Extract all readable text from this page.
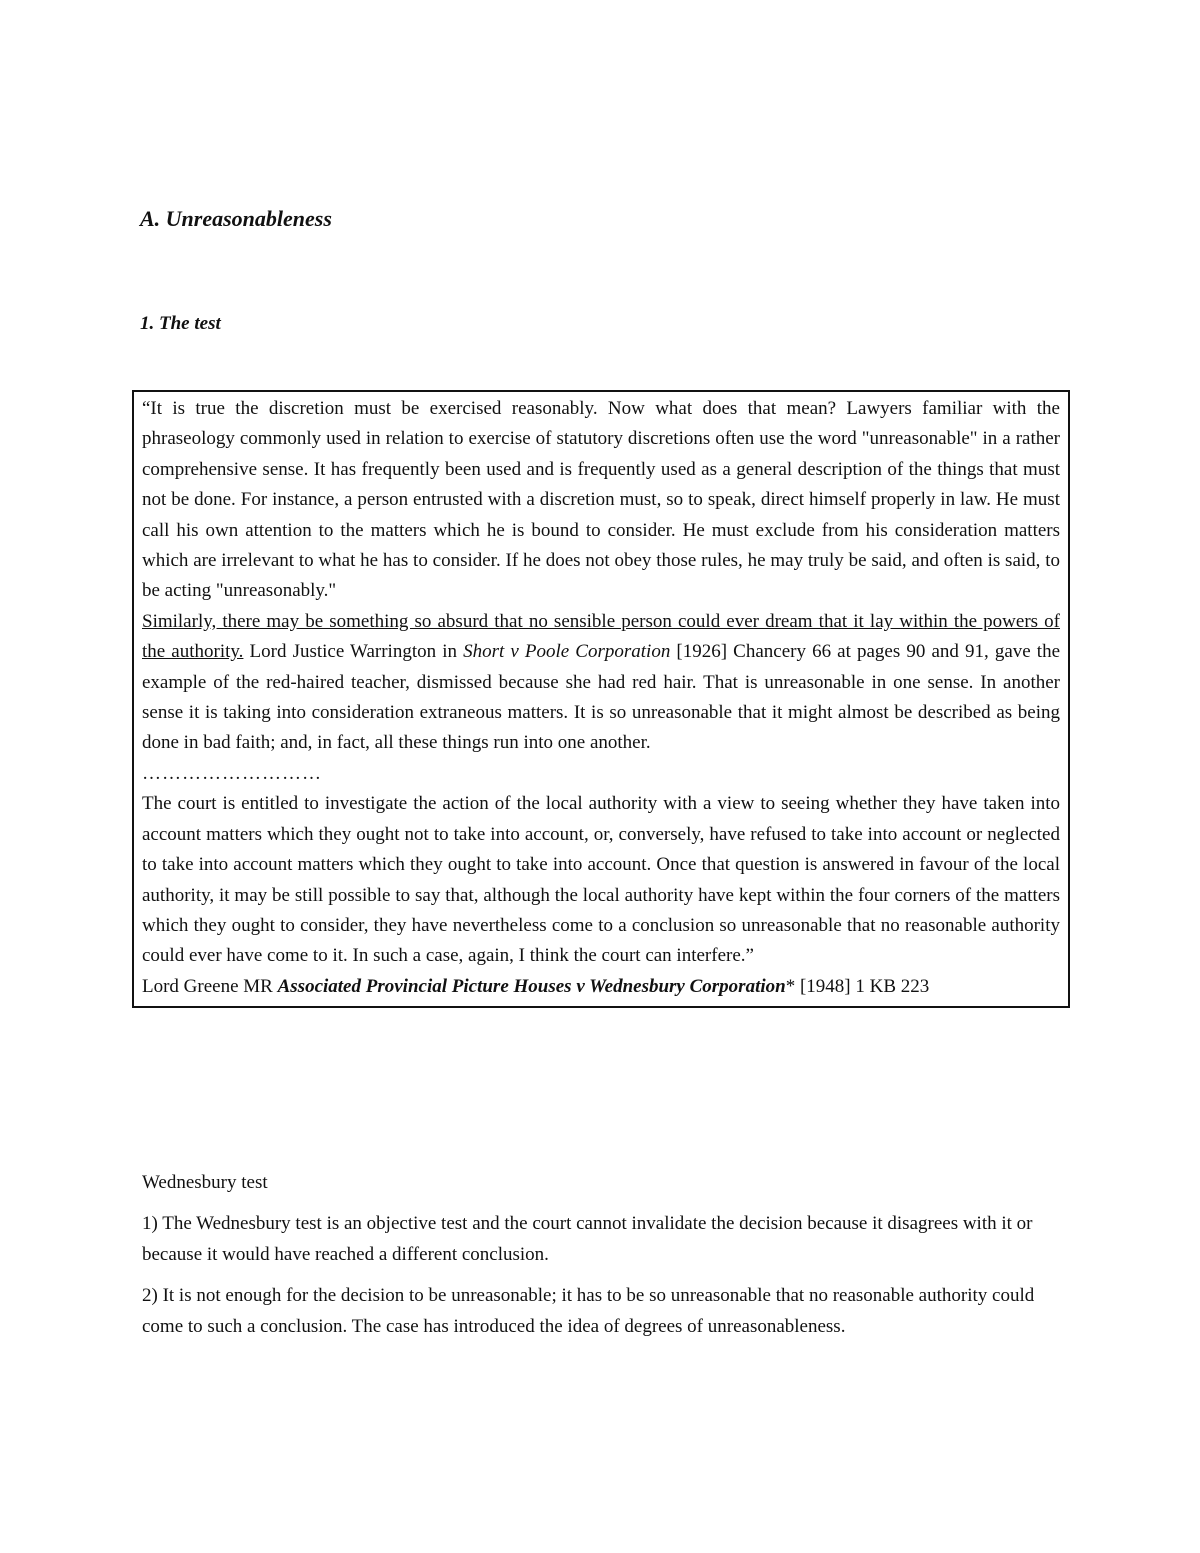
A. Unreasonableness
1. The test

“It is true the discretion must be exercised reasonably. Now what does that mean? Lawyers familiar with the phraseology commonly used in relation to exercise of statutory discretions often use the word "unreasonable" in a rather comprehensive sense. It has frequently been used and is frequently used as a general description of the things that must not be done. For instance, a person entrusted with a discretion must, so to speak, direct himself properly in law. He must call his own attention to the matters which he is bound to consider. He must exclude from his consideration matters which are irrelevant to what he has to consider. If he does not obey those rules, he may truly be said, and often is said, to be acting "unreasonably."

Similarly, there may be something so absurd that no sensible person could ever dream that it lay within the powers of the authority. Lord Justice Warrington in Short v Poole Corporation [1926] Chancery 66 at pages 90 and 91, gave the example of the red-haired teacher, dismissed because she had red hair. That is unreasonable in one sense. In another sense it is taking into consideration extraneous matters. It is so unreasonable that it might almost be described as being done in bad faith; and, in fact, all these things run into one another.

………………………

The court is entitled to investigate the action of the local authority with a view to seeing whether they have taken into account matters which they ought not to take into account, or, conversely, have refused to take into account or neglected to take into account matters which they ought to take into account. Once that question is answered in favour of the local authority, it may be still possible to say that, although the local authority have kept within the four corners of the matters which they ought to consider, they have nevertheless come to a conclusion so unreasonable that no reasonable authority could ever have come to it. In such a case, again, I think the court can interfere.”

Lord Greene MR Associated Provincial Picture Houses v Wednesbury Corporation* [1948] 1 KB 223

Wednesbury test

1) The Wednesbury test is an objective test and the court cannot invalidate the decision because it disagrees with it or because it would have reached a different conclusion.

2) It is not enough for the decision to be unreasonable; it has to be so unreasonable that no reasonable authority could come to such a conclusion. The case has introduced the idea of degrees of unreasonableness.
